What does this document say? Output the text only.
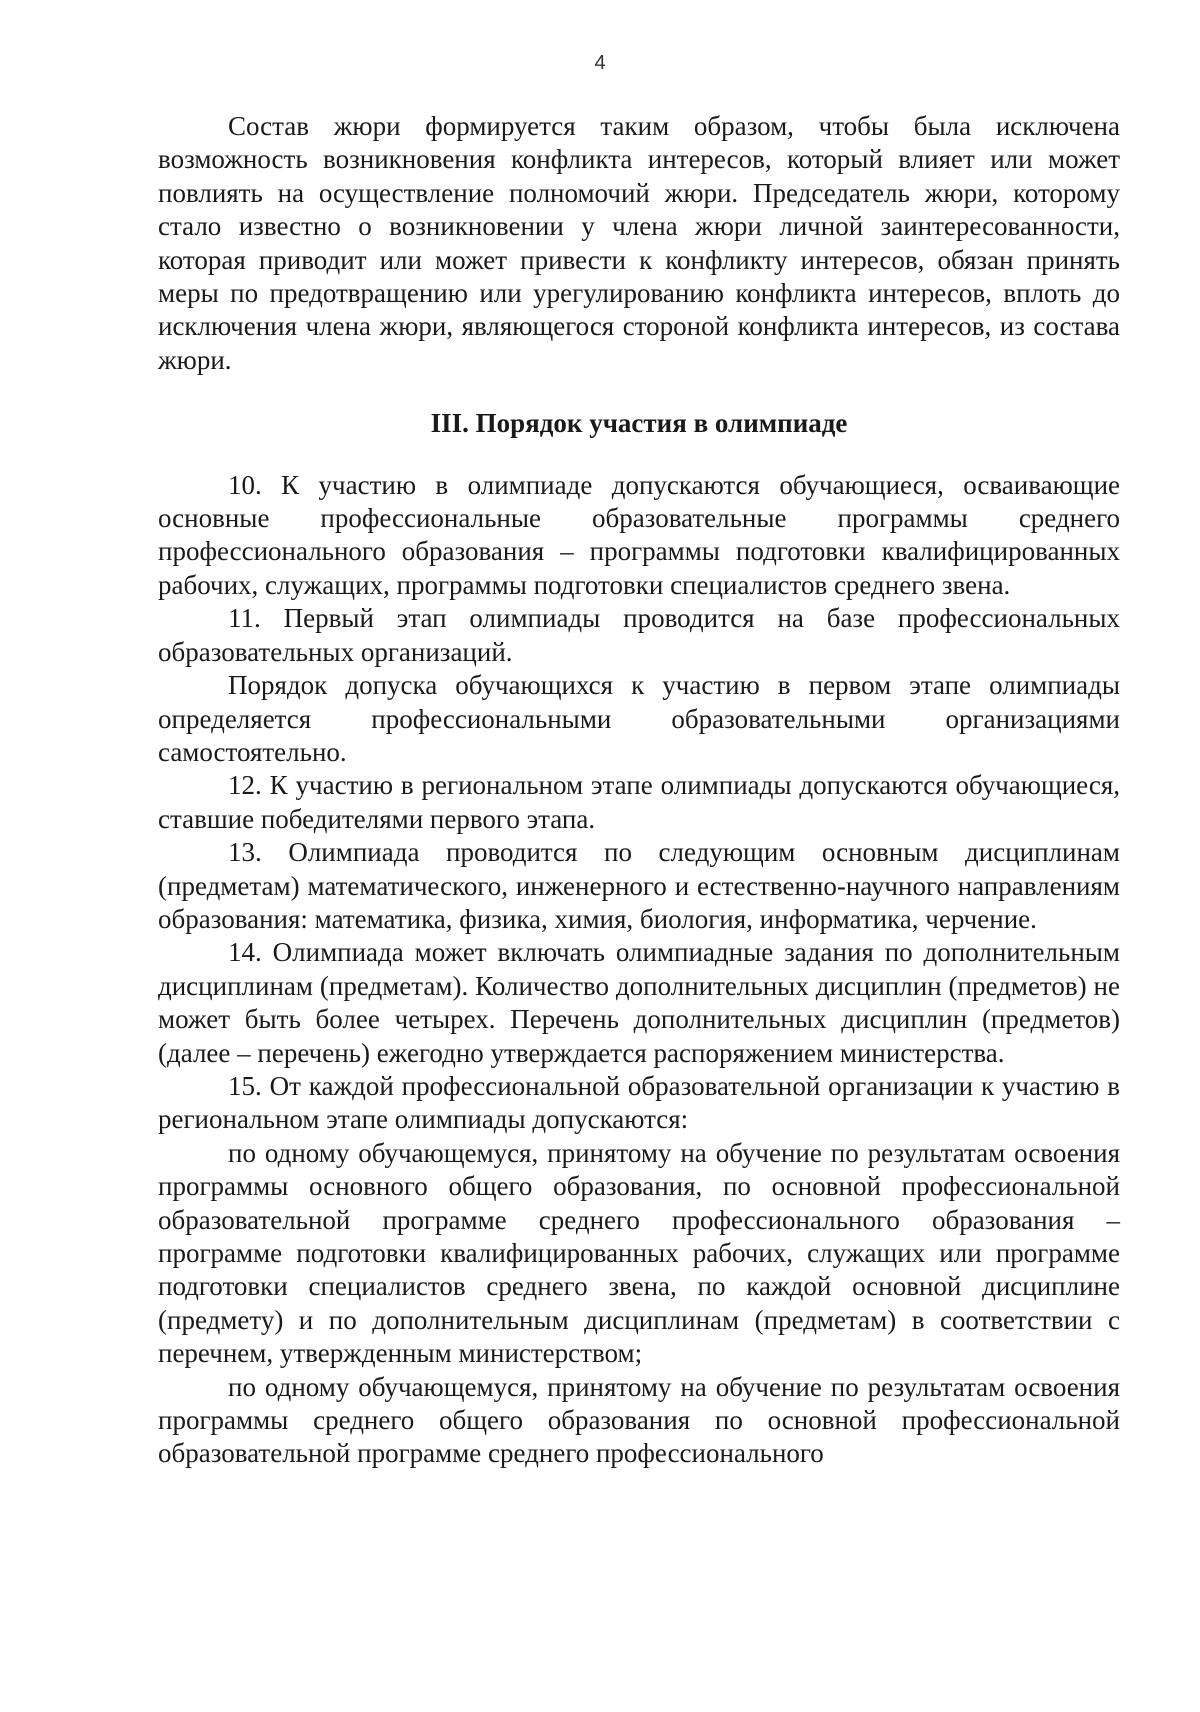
4

Состав жюри формируется таким образом, чтобы была исключена возможность возникновения конфликта интересов, который влияет или может повлиять на осуществление полномочий жюри. Председатель жюри, которому стало известно о возникновении у члена жюри личной заинтересованности, которая приводит или может привести к конфликту интересов, обязан принять меры по предотвращению или урегулированию конфликта интересов, вплоть до исключения члена жюри, являющегося стороной конфликта интересов, из состава жюри.

III. Порядок участия в олимпиаде

10. К участию в олимпиаде допускаются обучающиеся, осваивающие основные профессиональные образовательные программы среднего профессионального образования – программы подготовки квалифицированных рабочих, служащих, программы подготовки специалистов среднего звена.

11. Первый этап олимпиады проводится на базе профессиональных образовательных организаций.

Порядок допуска обучающихся к участию в первом этапе олимпиады определяется профессиональными образовательными организациями самостоятельно.

12. К участию в региональном этапе олимпиады допускаются обучающиеся, ставшие победителями первого этапа.

13. Олимпиада проводится по следующим основным дисциплинам (предметам) математического, инженерного и естественно-научного направлениям образования: математика, физика, химия, биология, информатика, черчение.

14. Олимпиада может включать олимпиадные задания по дополнительным дисциплинам (предметам). Количество дополнительных дисциплин (предметов) не может быть более четырех. Перечень дополнительных дисциплин (предметов) (далее – перечень) ежегодно утверждается распоряжением министерства.

15. От каждой профессиональной образовательной организации к участию в региональном этапе олимпиады допускаются:

по одному обучающемуся, принятому на обучение по результатам освоения программы основного общего образования, по основной профессиональной образовательной программе среднего профессионального образования – программе подготовки квалифицированных рабочих, служащих или программе подготовки специалистов среднего звена, по каждой основной дисциплине (предмету) и по дополнительным дисциплинам (предметам) в соответствии с перечнем, утвержденным министерством;

по одному обучающемуся, принятому на обучение по результатам освоения программы среднего общего образования по основной профессиональной образовательной программе среднего профессионального
